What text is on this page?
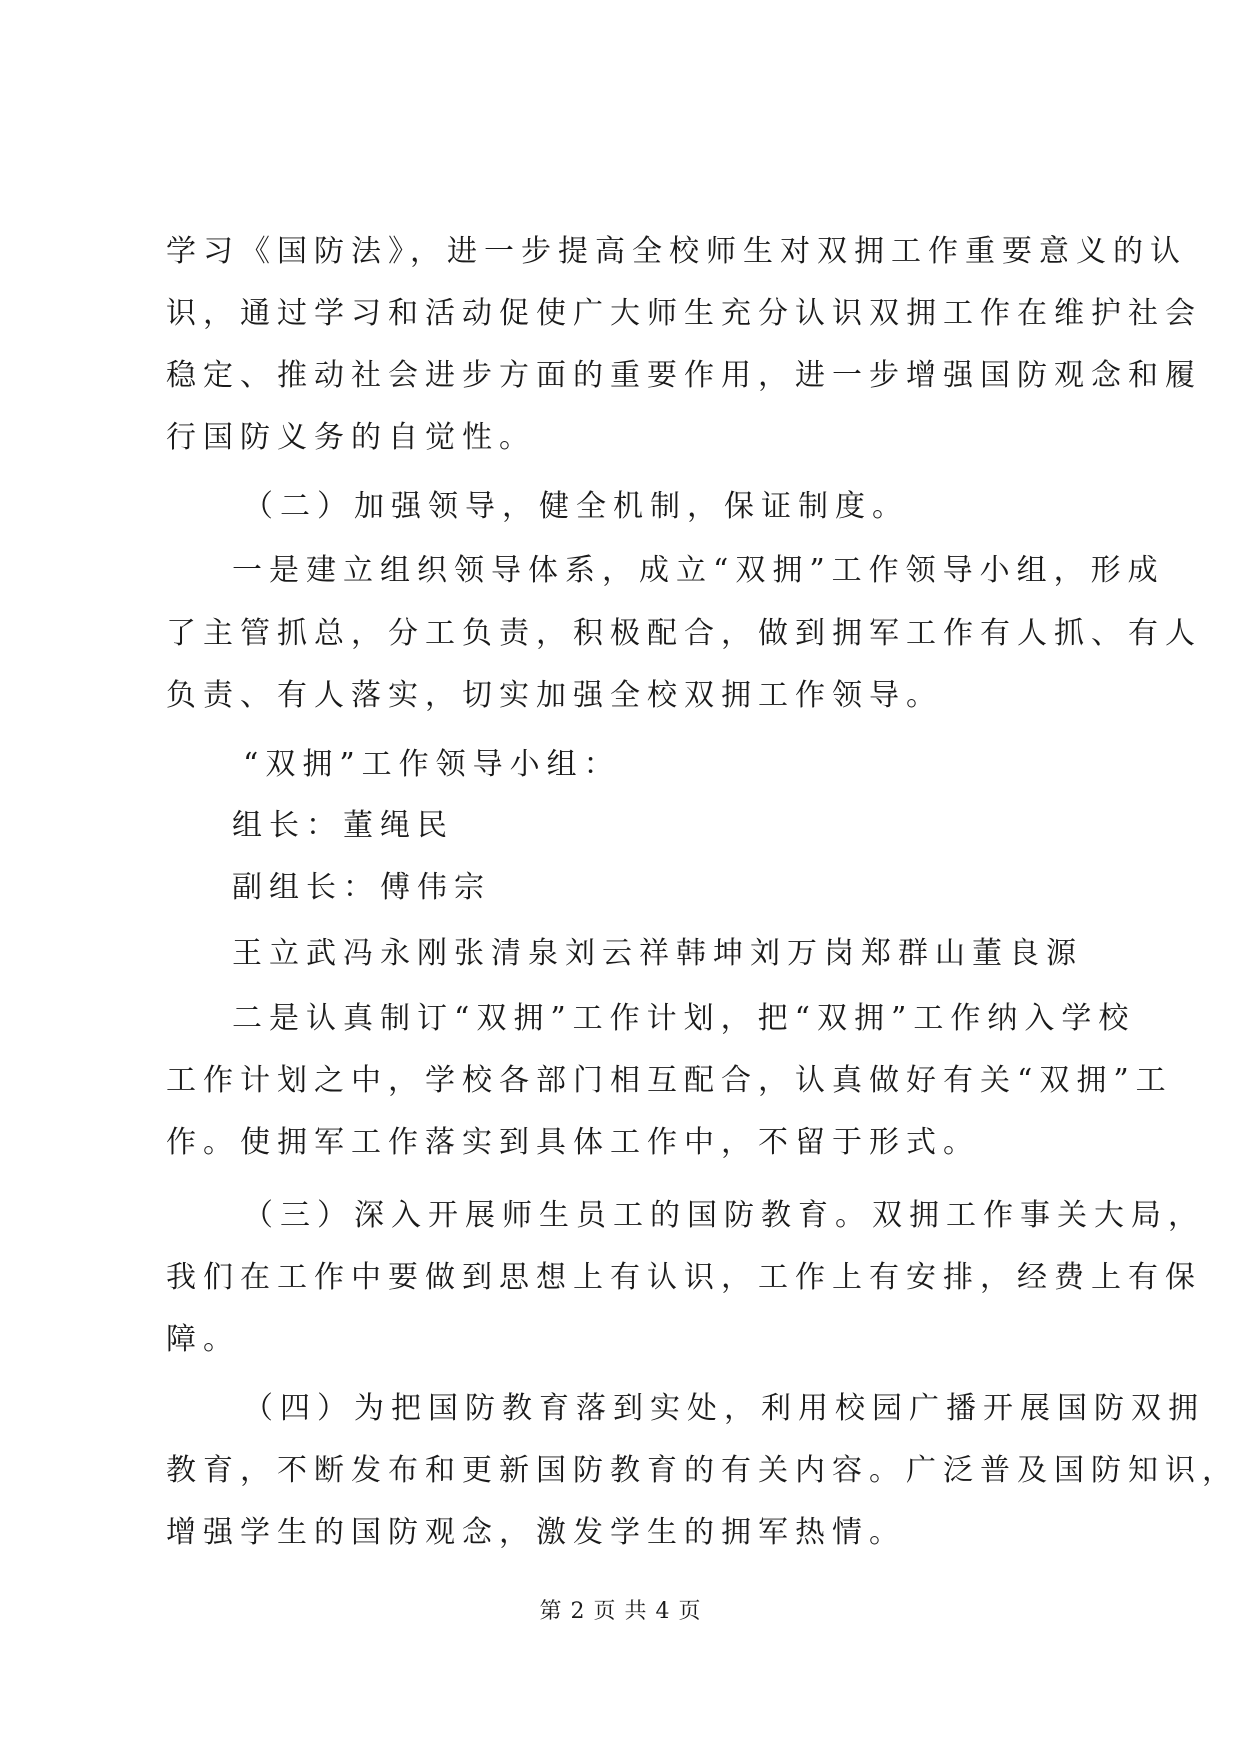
学习《国防法》，进一步提高全校师生对双拥工作重要意义的认
识，通过学习和活动促使广大师生充分认识双拥工作在维护社会
稳定、推动社会进步方面的重要作用，进一步增强国防观念和履
行国防义务的自觉性。
（二）加强领导，健全机制，保证制度。
一是建立组织领导体系，成立“双拥”工作领导小组，形成
了主管抓总，分工负责，积极配合，做到拥军工作有人抓、有人
负责、有人落实，切实加强全校双拥工作领导。
“双拥”工作领导小组：
组长：董绳民
副组长：傅伟宗
王立武冯永刚张清泉刘云祥韩坤刘万岗郑群山董良源
二是认真制订“双拥”工作计划，把“双拥”工作纳入学校
工作计划之中，学校各部门相互配合，认真做好有关“双拥”工
作。使拥军工作落实到具体工作中，不留于形式。
（三）深入开展师生员工的国防教育。双拥工作事关大局，
我们在工作中要做到思想上有认识，工作上有安排，经费上有保
障。
（四）为把国防教育落到实处，利用校园广播开展国防双拥
教育，不断发布和更新国防教育的有关内容。广泛普及国防知识，
增强学生的国防观念，激发学生的拥军热情。
第 2 页 共 4 页
